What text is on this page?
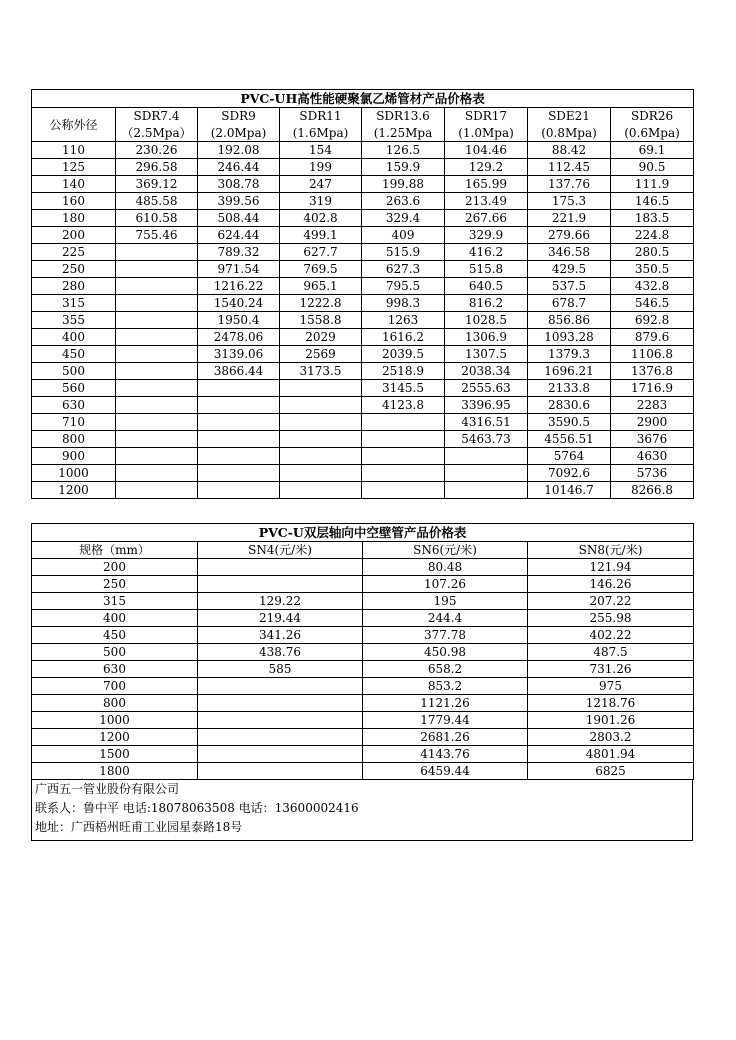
PVC-UH高性能硬聚氯乙烯管材产品价格表							
公称外径	SDR7.4	SDR9	SDR11	SDR13.6	SDR17	SDE21	SDR26
	（2.5Mpa）	(2.0Mpa)	(1.6Mpa)	(1.25Mpa	(1.0Mpa)	(0.8Mpa)	(0.6Mpa)
110	230.26	192.08	154	126.5	104.46	88.42	69.1
125	296.58	246.44	199	159.9	129.2	112.45	90.5
140	369.12	308.78	247	199.88	165.99	137.76	111.9
160	485.58	399.56	319	263.6	213.49	175.3	146.5
180	610.58	508.44	402.8	329.4	267.66	221.9	183.5
200	755.46	624.44	499.1	409	329.9	279.66	224.8
225		789.32	627.7	515.9	416.2	346.58	280.5
250		971.54	769.5	627.3	515.8	429.5	350.5
280		1216.22	965.1	795.5	640.5	537.5	432.8
315		1540.24	1222.8	998.3	816.2	678.7	546.5
355		1950.4	1558.8	1263	1028.5	856.86	692.8
400		2478.06	2029	1616.2	1306.9	1093.28	879.6
450		3139.06	2569	2039.5	1307.5	1379.3	1106.8
500		3866.44	3173.5	2518.9	2038.34	1696.21	1376.8
560				3145.5	2555.63	2133.8	1716.9
630				4123.8	3396.95	2830.6	2283
710					4316.51	3590.5	2900
800					5463.73	4556.51	3676
900						5764	4630
1000						7092.6	5736
1200						10146.7	8266.8
PVC-U双层轴向中空壁管产品价格表			
规格（mm）	SN4(元/米)	SN6(元/米)	SN8(元/米)
200		80.48	121.94
250		107.26	146.26
315	129.22	195	207.22
400	219.44	244.4	255.98
450	341.26	377.78	402.22
500	438.76	450.98	487.5
630	585	658.2	731.26
700		853.2	975
800		1121.26	1218.76
1000		1779.44	1901.26
1200		2681.26	2803.2
1500		4143.76	4801.94
1800		6459.44	6825
广西五一管业股份有限公司
联系人：鲁中平 电话:18078063508 电话：13600002416
地址：广西梧州旺甫工业园星泰路18号
